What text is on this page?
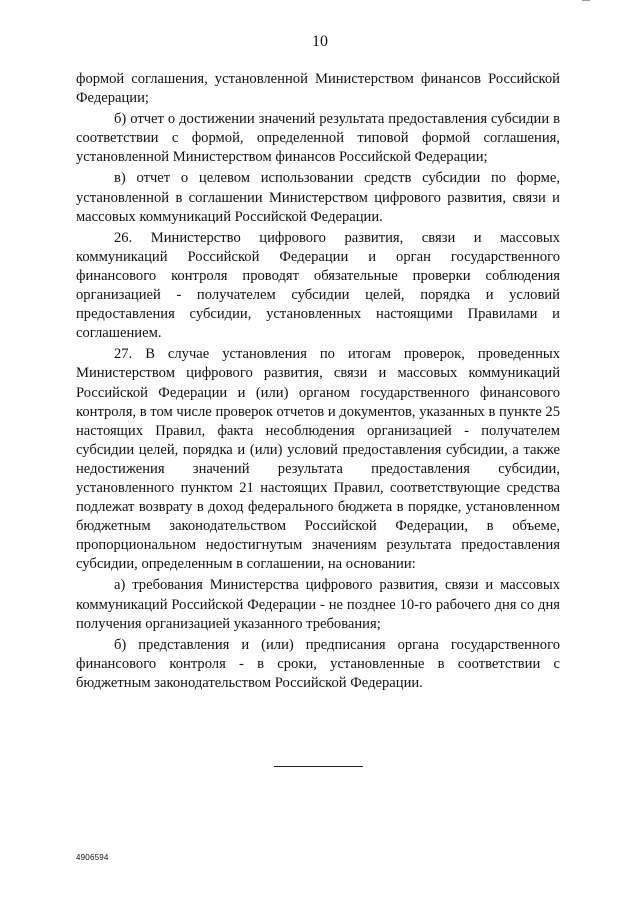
10

формой соглашения, установленной Министерством финансов Российской Федерации;

б) отчет о достижении значений результата предоставления субсидии в соответствии с формой, определенной типовой формой соглашения, установленной Министерством финансов Российской Федерации;

в) отчет о целевом использовании средств субсидии по форме, установленной в соглашении Министерством цифрового развития, связи и массовых коммуникаций Российской Федерации.

26. Министерство цифрового развития, связи и массовых коммуникаций Российской Федерации и орган государственного финансового контроля проводят обязательные проверки соблюдения организацией - получателем субсидии целей, порядка и условий предоставления субсидии, установленных настоящими Правилами и соглашением.

27. В случае установления по итогам проверок, проведенных Министерством цифрового развития, связи и массовых коммуникаций Российской Федерации и (или) органом государственного финансового контроля, в том числе проверок отчетов и документов, указанных в пункте 25 настоящих Правил, факта несоблюдения организацией - получателем субсидии целей, порядка и (или) условий предоставления субсидии, а также недостижения значений результата предоставления субсидии, установленного пунктом 21 настоящих Правил, соответствующие средства подлежат возврату в доход федерального бюджета в порядке, установленном бюджетным законодательством Российской Федерации, в объеме, пропорциональном недостигнутым значениям результата предоставления субсидии, определенным в соглашении, на основании:

а) требования Министерства цифрового развития, связи и массовых коммуникаций Российской Федерации - не позднее 10-го рабочего дня со дня получения организацией указанного требования;

б) представления и (или) предписания органа государственного финансового контроля - в сроки, установленные в соответствии с бюджетным законодательством Российской Федерации.

4906594
